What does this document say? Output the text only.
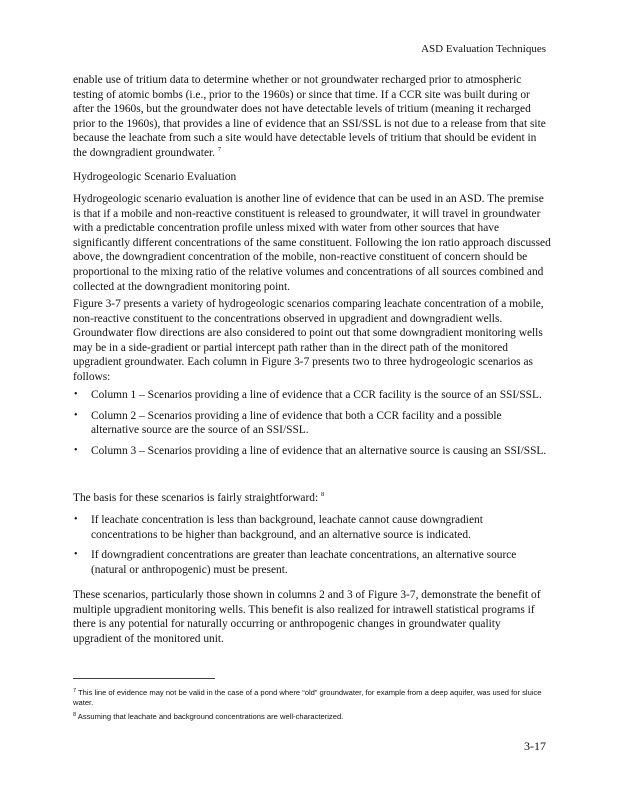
ASD Evaluation Techniques

enable use of tritium data to determine whether or not groundwater recharged prior to atmospheric testing of atomic bombs (i.e., prior to the 1960s) or since that time. If a CCR site was built during or after the 1960s, but the groundwater does not have detectable levels of tritium (meaning it recharged prior to the 1960s), that provides a line of evidence that an SSI/SSL is not due to a release from that site because the leachate from such a site would have detectable levels of tritium that should be evident in the downgradient groundwater. $^7$

Hydrogeologic Scenario Evaluation

Hydrogeologic scenario evaluation is another line of evidence that can be used in an ASD. The premise is that if a mobile and non-reactive constituent is released to groundwater, it will travel in groundwater with a predictable concentration profile unless mixed with water from other sources that have significantly different concentrations of the same constituent. Following the ion ratio approach discussed above, the downgradient concentration of the mobile, non-reactive constituent of concern should be proportional to the mixing ratio of the relative volumes and concentrations of all sources combined and collected at the downgradient monitoring point.

Figure 3-7 presents a variety of hydrogeologic scenarios comparing leachate concentration of a mobile, non-reactive constituent to the concentrations observed in upgradient and downgradient wells. Groundwater flow directions are also considered to point out that some downgradient monitoring wells may be in a side-gradient or partial intercept path rather than in the direct path of the monitored upgradient groundwater. Each column in Figure 3-7 presents two to three hydrogeologic scenarios as follows:

• Column 1 – Scenarios providing a line of evidence that a CCR facility is the source of an SSI/SSL.
• Column 2 – Scenarios providing a line of evidence that both a CCR facility and a possible alternative source are the source of an SSI/SSL.
• Column 3 – Scenarios providing a line of evidence that an alternative source is causing an SSI/SSL.

The basis for these scenarios is fairly straightforward: $^8$

• If leachate concentration is less than background, leachate cannot cause downgradient concentrations to be higher than background, and an alternative source is indicated.
• If downgradient concentrations are greater than leachate concentrations, an alternative source (natural or anthropogenic) must be present.

These scenarios, particularly those shown in columns 2 and 3 of Figure 3-7, demonstrate the benefit of multiple upgradient monitoring wells. This benefit is also realized for intrawell statistical programs if there is any potential for naturally occurring or anthropogenic changes in groundwater quality upgradient of the monitored unit.

$^7$ This line of evidence may not be valid in the case of a pond where “old” groundwater, for example from a deep aquifer, was used for sluice water.
$^8$ Assuming that leachate and background concentrations are well-characterized.
3-17
